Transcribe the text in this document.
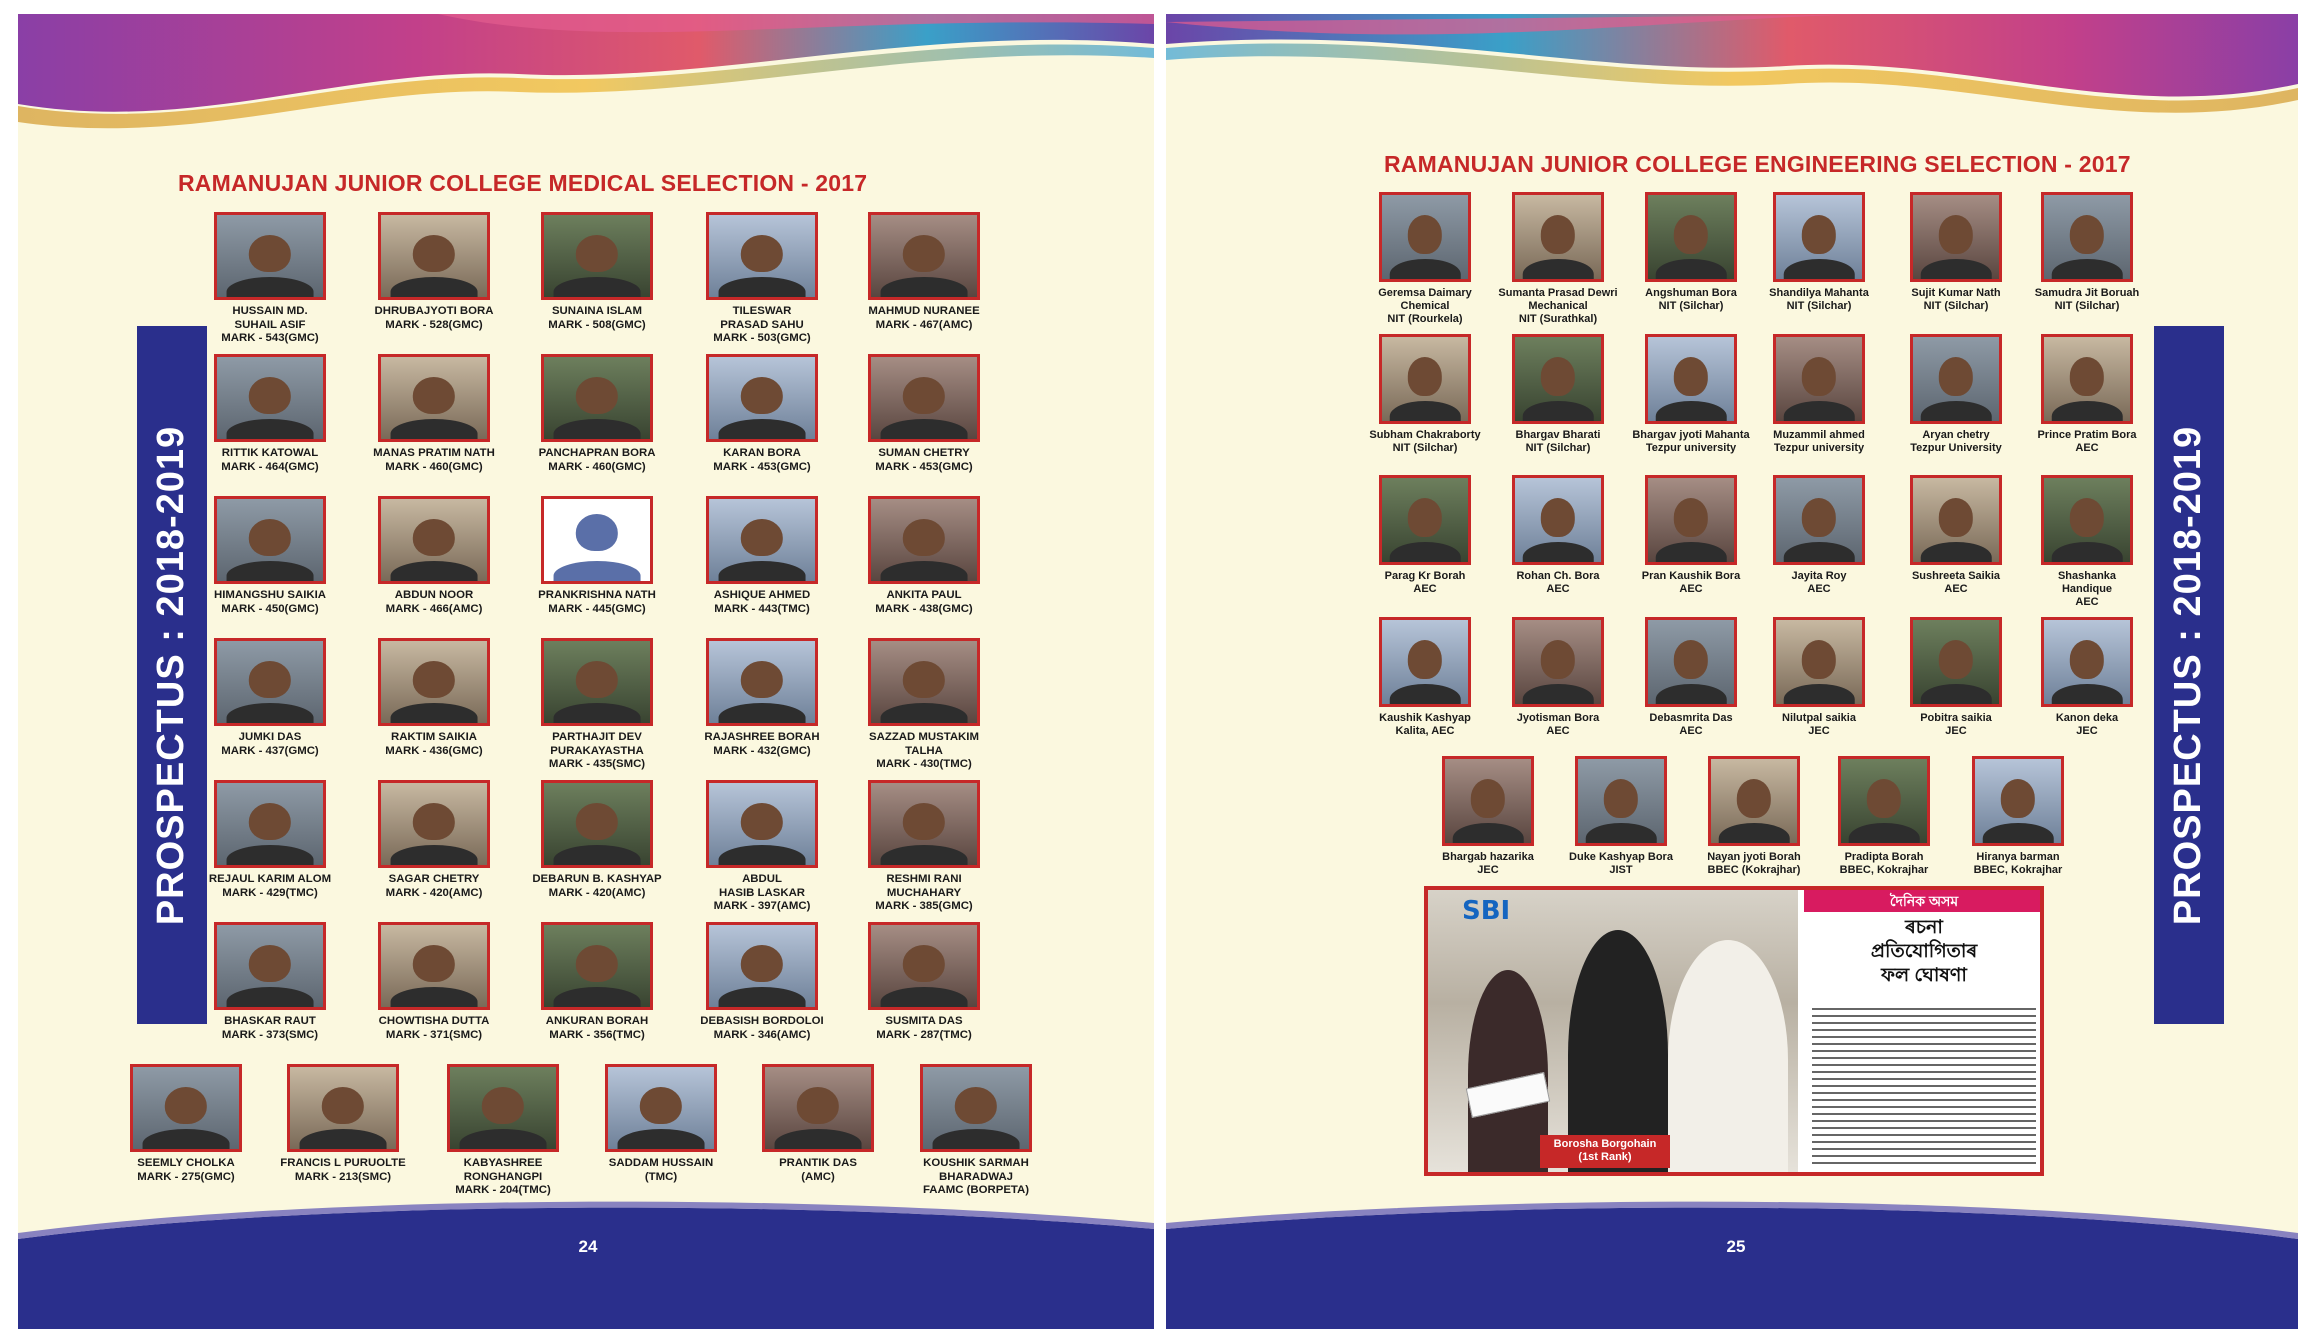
RAMANUJAN JUNIOR COLLEGE MEDICAL SELECTION - 2017
PROSPECTUS : 2018-2019
HUSSAIN MD.
SUHAIL ASIF
MARK - 543(GMC)
DHRUBAJYOTI BORA
MARK - 528(GMC)
SUNAINA ISLAM
MARK - 508(GMC)
TILESWAR
PRASAD SAHU
MARK - 503(GMC)
MAHMUD NURANEE
MARK - 467(AMC)
RITTIK KATOWAL
MARK - 464(GMC)
MANAS PRATIM NATH
MARK - 460(GMC)
PANCHAPRAN BORA
MARK - 460(GMC)
KARAN BORA
MARK - 453(GMC)
SUMAN CHETRY
MARK - 453(GMC)
HIMANGSHU SAIKIA
MARK - 450(GMC)
ABDUN NOOR
MARK - 466(AMC)
PRANKRISHNA NATH
MARK - 445(GMC)
ASHIQUE AHMED
MARK - 443(TMC)
ANKITA PAUL
MARK - 438(GMC)
JUMKI DAS
MARK - 437(GMC)
RAKTIM SAIKIA
MARK - 436(GMC)
PARTHAJIT DEV
PURAKAYASTHA
MARK - 435(SMC)
RAJASHREE BORAH
MARK - 432(GMC)
SAZZAD MUSTAKIM
TALHA
MARK - 430(TMC)
REJAUL KARIM ALOM
MARK - 429(TMC)
SAGAR CHETRY
MARK - 420(AMC)
DEBARUN B. KASHYAP
MARK - 420(AMC)
ABDUL
HASIB LASKAR
MARK - 397(AMC)
RESHMI RANI
MUCHAHARY
MARK - 385(GMC)
BHASKAR RAUT
MARK - 373(SMC)
CHOWTISHA DUTTA
MARK - 371(SMC)
ANKURAN BORAH
MARK - 356(TMC)
DEBASISH BORDOLOI
MARK - 346(AMC)
SUSMITA DAS
MARK - 287(TMC)
SEEMLY CHOLKA
MARK - 275(GMC)
FRANCIS L PURUOLTE
MARK - 213(SMC)
KABYASHREE
RONGHANGPI
MARK - 204(TMC)
SADDAM HUSSAIN
(TMC)
PRANTIK DAS
(AMC)
KOUSHIK SARMAH
BHARADWAJ
FAAMC (BORPETA)
24
RAMANUJAN JUNIOR COLLEGE ENGINEERING SELECTION - 2017
PROSPECTUS : 2018-2019
Geremsa Daimary
Chemical
NIT (Rourkela)
Sumanta Prasad Dewri
Mechanical
NIT (Surathkal)
Angshuman Bora
NIT (Silchar)
Shandilya Mahanta
NIT (Silchar)
Sujit Kumar Nath
NIT (Silchar)
Samudra Jit Boruah
NIT (Silchar)
Subham Chakraborty
NIT (Silchar)
Bhargav Bharati
NIT (Silchar)
Bhargav jyoti Mahanta
Tezpur university
Muzammil ahmed
Tezpur university
Aryan chetry
Tezpur University
Prince Pratim Bora
AEC
Parag Kr Borah
AEC
Rohan Ch. Bora
AEC
Pran Kaushik Bora
AEC
Jayita Roy
AEC
Sushreeta Saikia
AEC
Shashanka
Handique
AEC
Kaushik Kashyap
Kalita, AEC
Jyotisman Bora
AEC
Debasmrita Das
AEC
Nilutpal saikia
JEC
Pobitra saikia
JEC
Kanon deka
JEC
Bhargab hazarika
JEC
Duke Kashyap Bora
JIST
Nayan jyoti Borah
BBEC (Kokrajhar)
Pradipta Borah
BBEC, Kokrajhar
Hiranya barman
BBEC, Kokrajhar
SBI	দৈনিক অসম
ৰচনা
প্ৰতিযোগিতাৰ
ফল ঘোষণা
Borosha Borgohain
(1st Rank)
25
